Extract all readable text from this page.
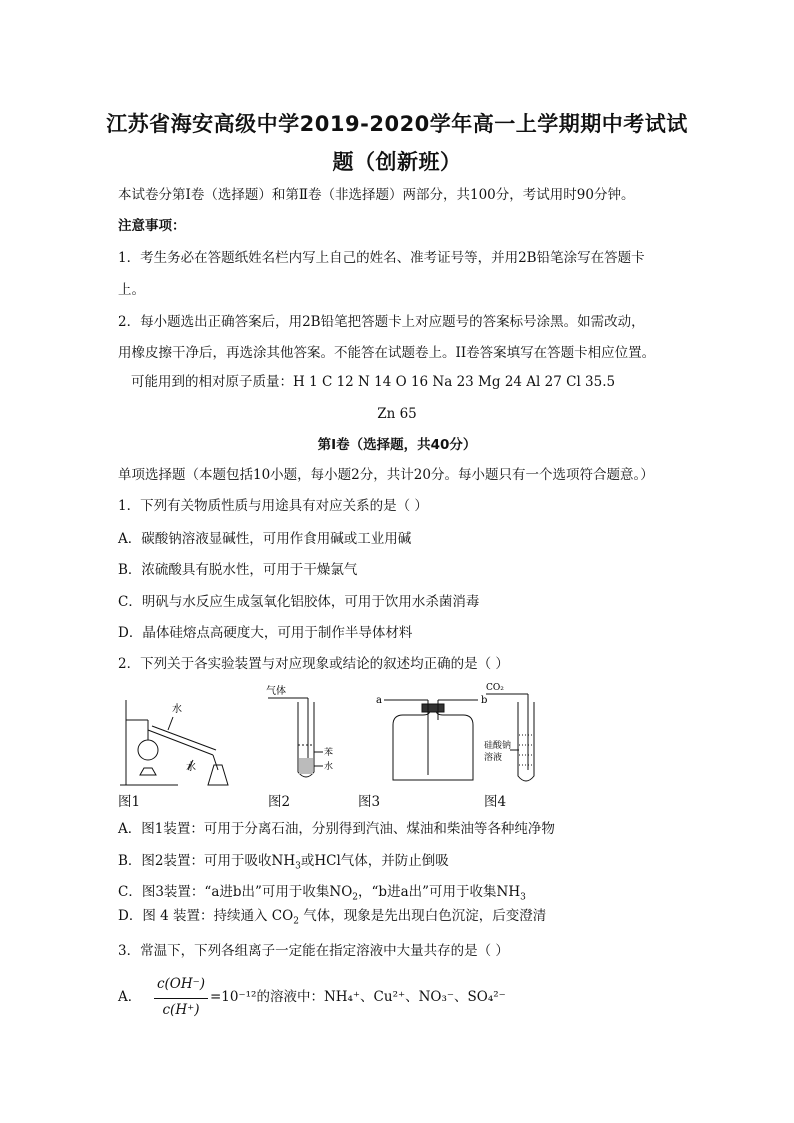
江苏省海安高级中学2019-2020学年高一上学期期中考试试
题（创新班）
本试卷分第Ⅰ卷（选择题）和第Ⅱ卷（非选择题）两部分，共100分，考试用时90分钟。
注意事项：
1．考生务必在答题纸姓名栏内写上自己的姓名、准考证号等，并用2B铅笔涂写在答题卡
上。
2．每小题选出正确答案后，用2B铅笔把答题卡上对应题号的答案标号涂黑。如需改动，
用橡皮擦干净后，再选涂其他答案。不能答在试题卷上。II卷答案填写在答题卡相应位置。
可能用到的相对原子质量：H 1 C 12 N 14 O 16 Na 23 Mg 24 Al 27 Cl 35.5
Zn 65
第Ⅰ卷（选择题，共40分）
单项选择题（本题包括10小题，每小题2分，共计20分。每小题只有一个选项符合题意。）
1．下列有关物质性质与用途具有对应关系的是（ ）
A．碳酸钠溶液显碱性，可用作食用碱或工业用碱
B．浓硫酸具有脱水性，可用于干燥氯气
C．明矾与水反应生成氢氧化铝胶体，可用于饮用水杀菌消毒
D．晶体硅熔点高硬度大，可用于制作半导体材料
2．下列关于各实验装置与对应现象或结论的叙述均正确的是（ ）
水
水
气体
苯
水
a	b
CO₂
硅酸钠
溶液
图1	图2	图3	图4
A．图1装置：可用于分离石油，分别得到汽油、煤油和柴油等各种纯净物
B．图2装置：可用于吸收$NH_3$或HCl气体，并防止倒吸
C．图3装置：“a进b出”可用于收集$NO_2$，“b进a出”可用于收集$NH_3$
D．图 4 装置：持续通入 $CO_2$ 气体，现象是先出现白色沉淀，后变澄清
3．常温下，下列各组离子一定能在指定溶液中大量共存的是（ ）
A．
c(OH⁻)
c(H⁺)
=10⁻¹²的溶液中：NH₄⁺、Cu²⁺、NO₃⁻、SO₄²⁻
